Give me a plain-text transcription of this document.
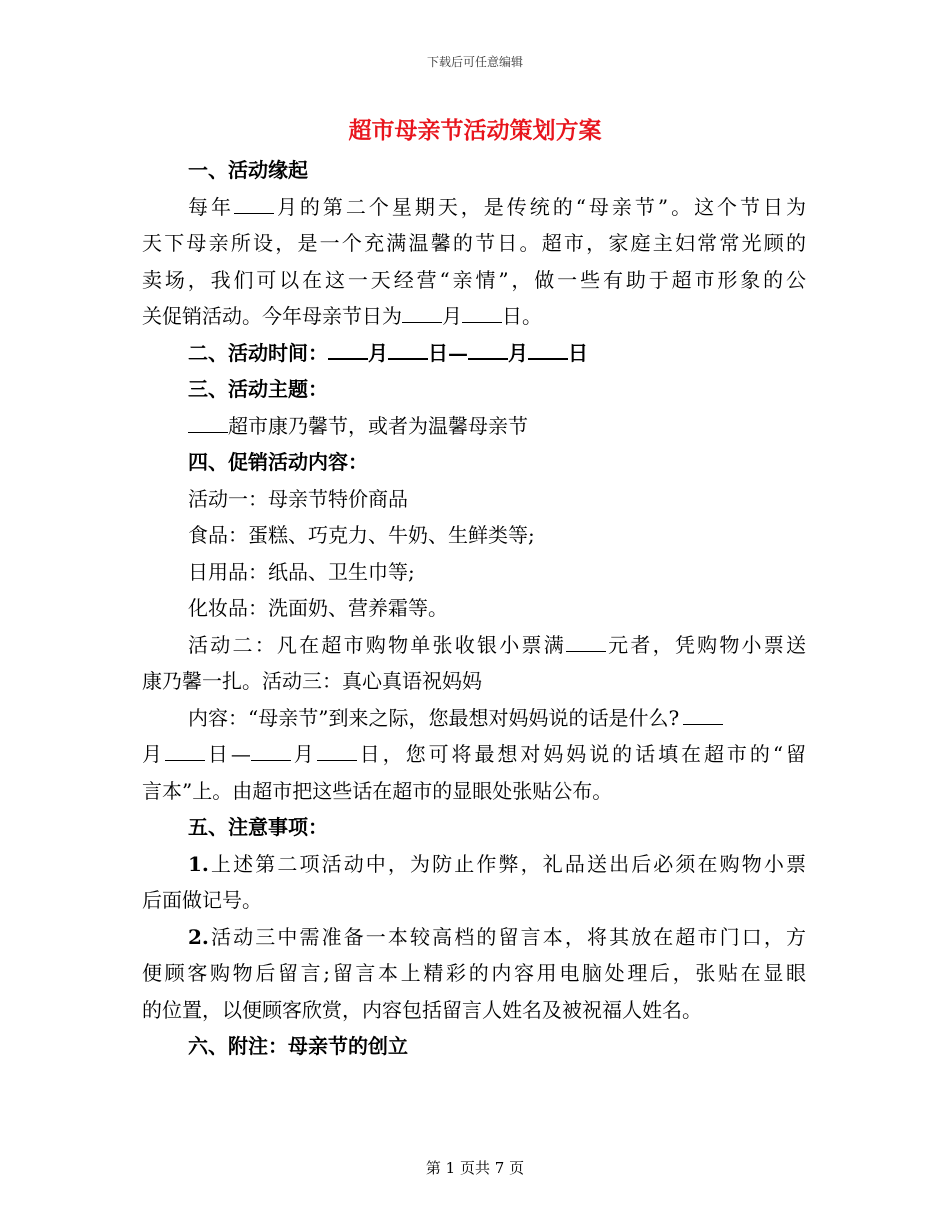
下载后可任意编辑
超市母亲节活动策划方案
一、活动缘起
每年 月的第二个星期天，是传统的“母亲节”。这个节日为
天下母亲所设，是一个充满温馨的节日。超市，家庭主妇常常光顾的
卖场，我们可以在这一天经营“亲情”，做一些有助于超市形象的公
关促销活动。今年母亲节日为 月 日。
二、活动时间： 月 日— 月 日
三、活动主题：
超市康乃馨节，或者为温馨母亲节
四、促销活动内容：
活动一：母亲节特价商品
食品：蛋糕、巧克力、牛奶、生鲜类等;
日用品：纸品、卫生巾等;
化妆品：洗面奶、营养霜等。
活动二：凡在超市购物单张收银小票满 元者，凭购物小票送
康乃馨一扎。活动三：真心真语祝妈妈
内容：“母亲节”到来之际，您最想对妈妈说的话是什么?
月 日— 月 日，您可将最想对妈妈说的话填在超市的“留
言本”上。由超市把这些话在超市的显眼处张贴公布。
五、注意事项：
1.上述第二项活动中，为防止作弊，礼品送出后必须在购物小票
后面做记号。
2.活动三中需准备一本较高档的留言本，将其放在超市门口，方
便顾客购物后留言;留言本上精彩的内容用电脑处理后，张贴在显眼
的位置，以便顾客欣赏，内容包括留言人姓名及被祝福人姓名。
六、附注：母亲节的创立
第 1 页共 7 页
